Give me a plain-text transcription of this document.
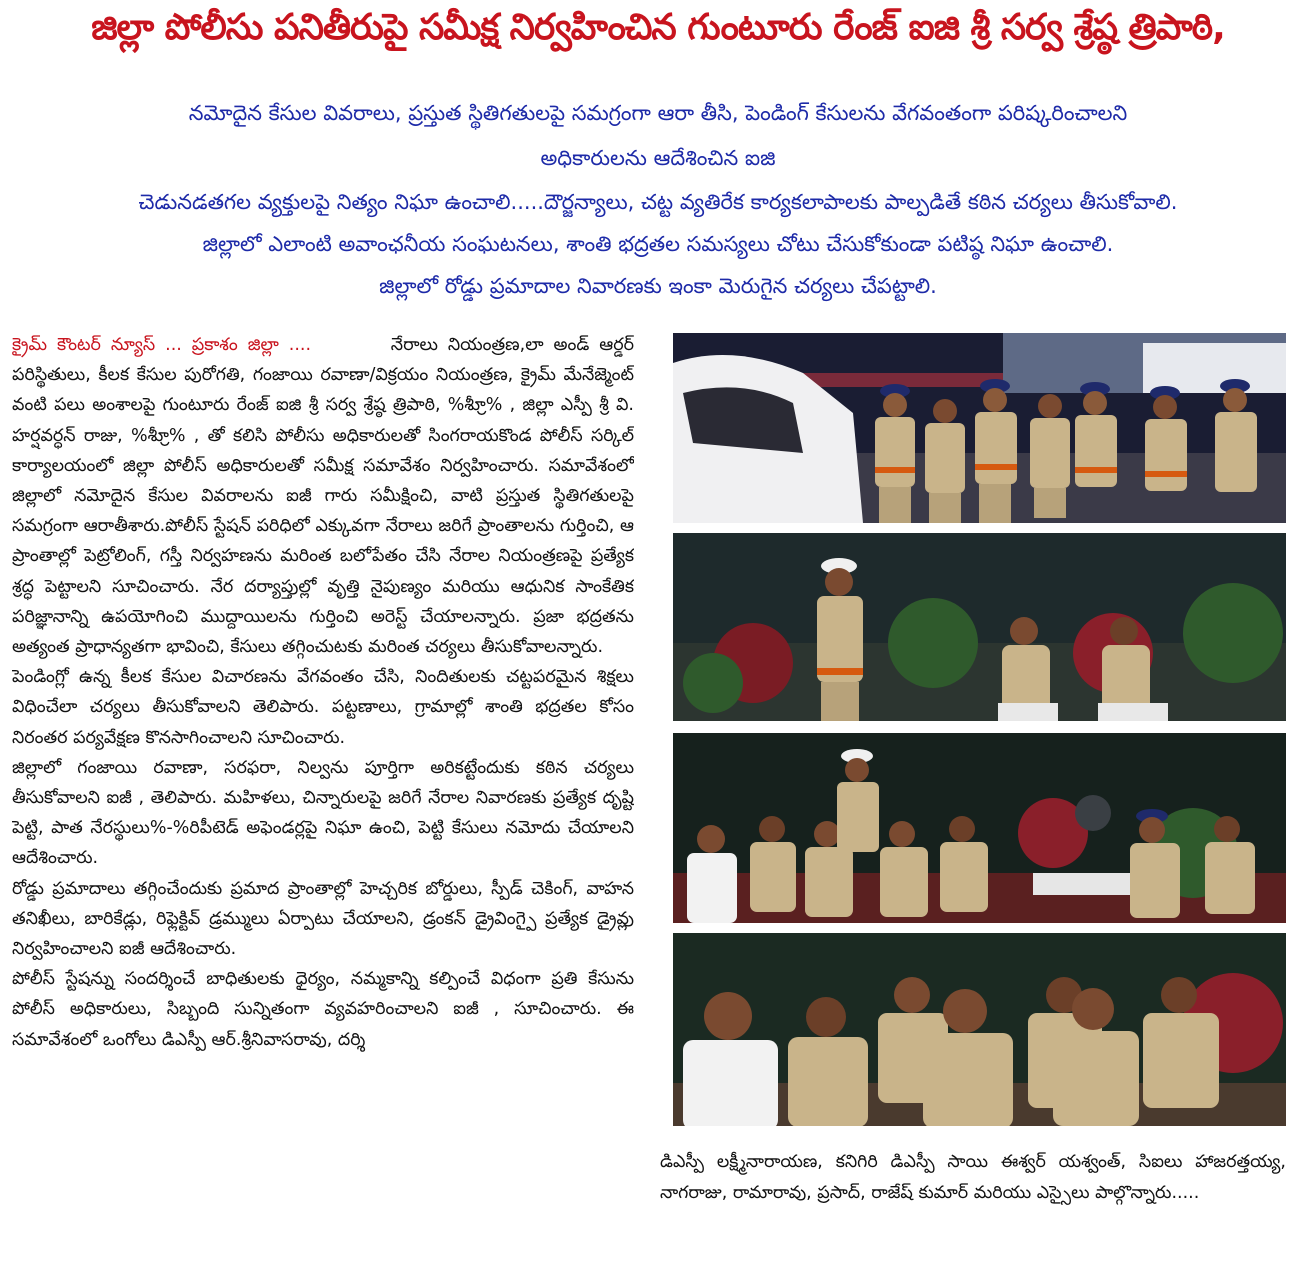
జిల్లా పోలీసు పనితీరుపై సమీక్ష నిర్వహించిన గుంటూరు రేంజ్ ఐజి శ్రీ సర్వ శ్రేష్ఠ త్రిపాఠి,
నమోదైన కేసుల వివరాలు, ప్రస్తుత స్థితిగతులపై సమగ్రంగా ఆరా తీసి, పెండింగ్ కేసులను వేగవంతంగా పరిష్కరించాలని
అధికారులను ఆదేశించిన ఐజి
చెడునడతగల వ్యక్తులపై నిత్యం నిఘా ఉంచాలి.....దౌర్జన్యాలు, చట్ట వ్యతిరేక కార్యకలాపాలకు పాల్పడితే కఠిన చర్యలు తీసుకోవాలి.
జిల్లాలో ఎలాంటి అవాంఛనీయ సంఘటనలు, శాంతి భద్రతల సమస్యలు చోటు చేసుకోకుండా పటిష్ఠ నిఘా ఉంచాలి.
జిల్లాలో రోడ్డు ప్రమాదాల నివారణకు ఇంకా మెరుగైన చర్యలు చేపట్టాలి.

క్రైమ్ కౌంటర్ న్యూస్ ... ప్రకాశం జిల్లా ....	నేరాలు నియంత్రణ,లా అండ్ ఆర్డర్ పరిస్థితులు, కీలక కేసుల పురోగతి, గంజాయి రవాణా/విక్రయం నియంత్రణ, క్రైమ్ మేనేజ్మెంట్ వంటి పలు అంశాలపై గుంటూరు రేంజ్ ఐజి శ్రీ సర్వ శ్రేష్ఠ త్రిపాఠి, %శ్రీూ% , జిల్లా ఎస్పీ శ్రీ వి. హర్షవర్ధన్ రాజు, %శ్రీూ% , తో కలిసి పోలీసు అధికారులతో సింగరాయకొండ పోలీస్ సర్కిల్ కార్యాలయంలో జిల్లా పోలీస్ అధికారులతో సమీక్ష సమావేశం నిర్వహించారు. సమావేశంలో జిల్లాలో నమోదైన కేసుల వివరాలను ఐజీ గారు సమీక్షించి, వాటి ప్రస్తుత స్థితిగతులపై సమగ్రంగా ఆరాతీశారు.పోలీస్ స్టేషన్ పరిధిలో ఎక్కువగా నేరాలు జరిగే ప్రాంతాలను గుర్తించి, ఆ ప్రాంతాల్లో పెట్రోలింగ్, గస్తీ నిర్వహణను మరింత బలోపేతం చేసి నేరాల నియంత్రణపై ప్రత్యేక శ్రద్ధ పెట్టాలని సూచించారు. నేర దర్యాప్తుల్లో వృత్తి నైపుణ్యం మరియు ఆధునిక సాంకేతిక పరిజ్ఞానాన్ని ఉపయోగించి ముద్దాయిలను గుర్తించి అరెస్ట్ చేయాలన్నారు. ప్రజా భద్రతను అత్యంత ప్రాధాన్యతగా భావించి, కేసులు తగ్గించుటకు మరింత చర్యలు తీసుకోవాలన్నారు.

పెండింగ్లో ఉన్న కీలక కేసుల విచారణను వేగవంతం చేసి, నిందితులకు చట్టపరమైన శిక్షలు విధించేలా చర్యలు తీసుకోవాలని తెలిపారు. పట్టణాలు, గ్రామాల్లో శాంతి భద్రతల కోసం నిరంతర పర్యవేక్షణ కొనసాగించాలని సూచించారు.

జిల్లాలో గంజాయి రవాణా, సరఫరా, నిల్వను పూర్తిగా అరికట్టేందుకు కఠిన చర్యలు తీసుకోవాలని ఐజీ , తెలిపారు. మహిళలు, చిన్నారులపై జరిగే నేరాల నివారణకు ప్రత్యేక దృష్టి పెట్టి, పాత నేరస్థులు%-%రిపీటెడ్ అఫెండర్లపై నిఘా ఉంచి, పెట్టి కేసులు నమోదు చేయాలని ఆదేశించారు.

రోడ్డు ప్రమాదాలు తగ్గించేందుకు ప్రమాద ప్రాంతాల్లో హెచ్చరిక బోర్డులు, స్పీడ్ చెకింగ్, వాహన తనిఖీలు, బారికేడ్లు, రిఫ్లెక్టివ్ డ్రమ్ములు ఏర్పాటు చేయాలని, డ్రంకన్ డ్రైవింగ్పై ప్రత్యేక డ్రైవ్లు నిర్వహించాలని ఐజీ ఆదేశించారు.

పోలీస్ స్టేషన్ను సందర్శించే బాధితులకు ధైర్యం, నమ్మకాన్ని కల్పించే విధంగా ప్రతి కేసును పోలీస్ అధికారులు, సిబ్బంది సున్నితంగా వ్యవహరించాలని ఐజీ , సూచించారు. ఈ సమావేశంలో ఒంగోలు డిఎస్పీ ఆర్.శ్రీనివాసరావు, దర్శి

డిఎస్పీ లక్ష్మీనారాయణ, కనిగిరి డిఎస్పీ సాయి ఈశ్వర్ యశ్వంత్, సిఐలు హాజరత్తయ్య, నాగరాజు, రామారావు, ప్రసాద్, రాజేష్ కుమార్ మరియు ఎస్సైలు పాల్గొన్నారు.....
